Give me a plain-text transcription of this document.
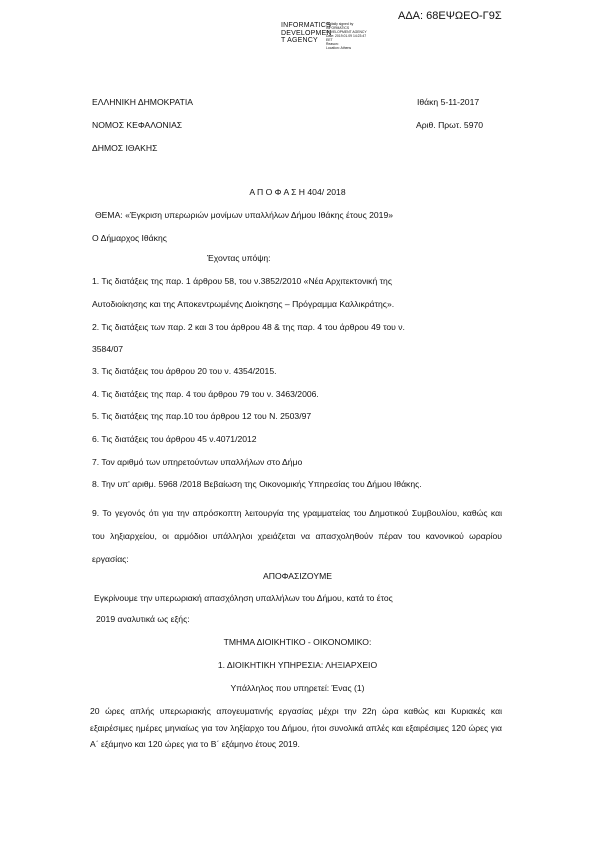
ΑΔΑ: 68ΕΨΩΕΟ-Γ9Σ
INFORMATICS
DEVELOPMEN
T AGENCY
Digitally signed by
INFORMATICS
DEVELOPMENT AGENCY
Date: 2019.01.09 14:23:47
EET
Reason:
Location: Athens
ΕΛΛΗΝΙΚΗ ΔΗΜΟΚΡΑΤΙΑ
ΝΟΜΟΣ ΚΕΦΑΛΟΝΙΑΣ
ΔΗΜΟΣ ΙΘΑΚΗΣ
Ιθάκη 5-11-2017
Αριθ. Πρωτ. 5970
Α Π Ο Φ Α Σ Η 404/ 2018
ΘΕΜΑ: «Έγκριση υπερωριών μονίμων υπαλλήλων Δήμου Ιθάκης έτους 2019»
Ο Δήμαρχος Ιθάκης
Έχοντας υπόψη:
1. Τις διατάξεις της παρ. 1 άρθρου 58, του ν.3852/2010 «Νέα Αρχιτεκτονική της
Αυτοδιοίκησης και της Αποκεντρωμένης Διοίκησης – Πρόγραμμα Καλλικράτης».
2. Τις διατάξεις των παρ. 2 και 3 του άρθρου 48 & της παρ. 4 του άρθρου 49 του ν.
3584/07
3. Τις διατάξεις του άρθρου 20 του ν. 4354/2015.
4. Τις διατάξεις της παρ. 4 του άρθρου 79 του ν. 3463/2006.
5. Τις διατάξεις της παρ.10 του άρθρου 12 του Ν. 2503/97
6. Τις διατάξεις του άρθρου 45 ν.4071/2012
7. Τον αριθμό των υπηρετούντων υπαλλήλων στο Δήμο
8. Την υπ' αριθμ. 5968 /2018 Βεβαίωση της Οικονομικής Υπηρεσίας του Δήμου Ιθάκης.
9. Το γεγονός ότι για την απρόσκοπτη λειτουργία της γραμματείας του Δημοτικού Συμβουλίου, καθώς και του ληξιαρχείου, οι αρμόδιοι υπάλληλοι χρειάζεται να απασχοληθούν πέραν του κανονικού ωραρίου εργασίας:
ΑΠΟΦΑΣΙΖΟΥΜΕ
Εγκρίνουμε την υπερωριακή απασχόληση υπαλλήλων του Δήμου, κατά το έτος
2019 αναλυτικά ως εξής:
ΤΜΗΜΑ ΔΙΟΙΚΗΤΙΚΟ - ΟΙΚΟΝΟΜΙΚΟ:
1. ΔΙΟΙΚΗΤΙΚΗ ΥΠΗΡΕΣΙΑ: ΛΗΞΙΑΡΧΕΙΟ
Υπάλληλος που υπηρετεί: Ένας (1)
20 ώρες απλής υπερωριακής απογευματινής εργασίας μέχρι την 22η ώρα καθώς και Κυριακές και εξαιρέσιμες ημέρες μηνιαίως για τον ληξίαρχο του Δήμου, ήτοι συνολικά απλές και εξαιρέσιμες 120 ώρες για Α΄ εξάμηνο και 120 ώρες για το Β΄ εξάμηνο έτους 2019.
